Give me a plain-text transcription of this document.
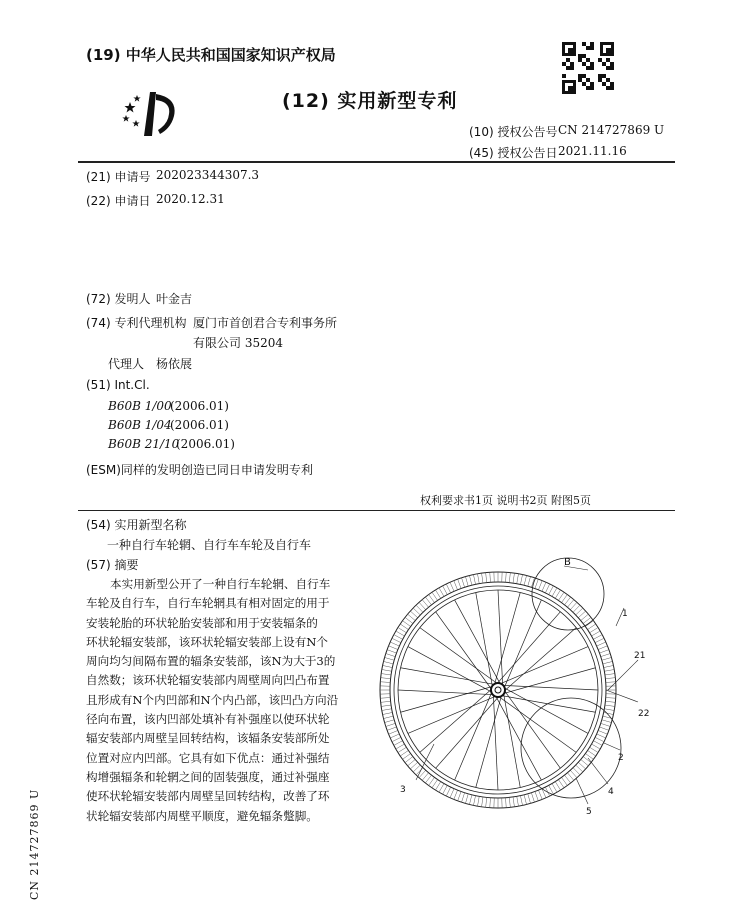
(19) 中华人民共和国国家知识产权局
(12) 实用新型专利
(10) 授权公告号 CN 214727869 U
(45) 授权公告日 2021.11.16
(21) 申请号 202023344307.3
(22) 申请日 2020.12.31
(72) 发明人 叶金吉
(74) 专利代理机构 厦门市首创君合专利事务所
有限公司 35204
代理人 杨依展
(51) Int.Cl.
B60B 1/00
(2006.01)
B60B 1/04
(2006.01)
B60B 21/10
(2006.01)
(ESM)同样的发明创造已同日申请发明专利
权利要求书1页 说明书2页 附图5页
(54) 实用新型名称
一种自行车轮辋、自行车车轮及自行车
(57) 摘要
本实用新型公开了一种自行车轮辋、自行车
车轮及自行车，自行车轮辋具有相对固定的用于
安装轮胎的环状轮胎安装部和用于安装辐条的
环状轮辐安装部，该环状轮辐安装部上设有N个
周向均匀间隔布置的辐条安装部，该N为大于3的
自然数；该环状轮辐安装部内周壁周向凹凸布置
且形成有N个内凹部和N个内凸部，该凹凸方向沿
径向布置，该内凹部处填补有补强座以使环状轮
辐安装部内周壁呈回转结构，该辐条安装部所处
位置对应内凹部。它具有如下优点：通过补强结
构增强辐条和轮辋之间的固装强度，通过补强座
使环状轮辐安装部内周壁呈回转结构，改善了环
状轮辐安装部内周壁平顺度，避免辐条蹩脚。
B
1
21
22
2
3	4
5
CN 214727869 U
